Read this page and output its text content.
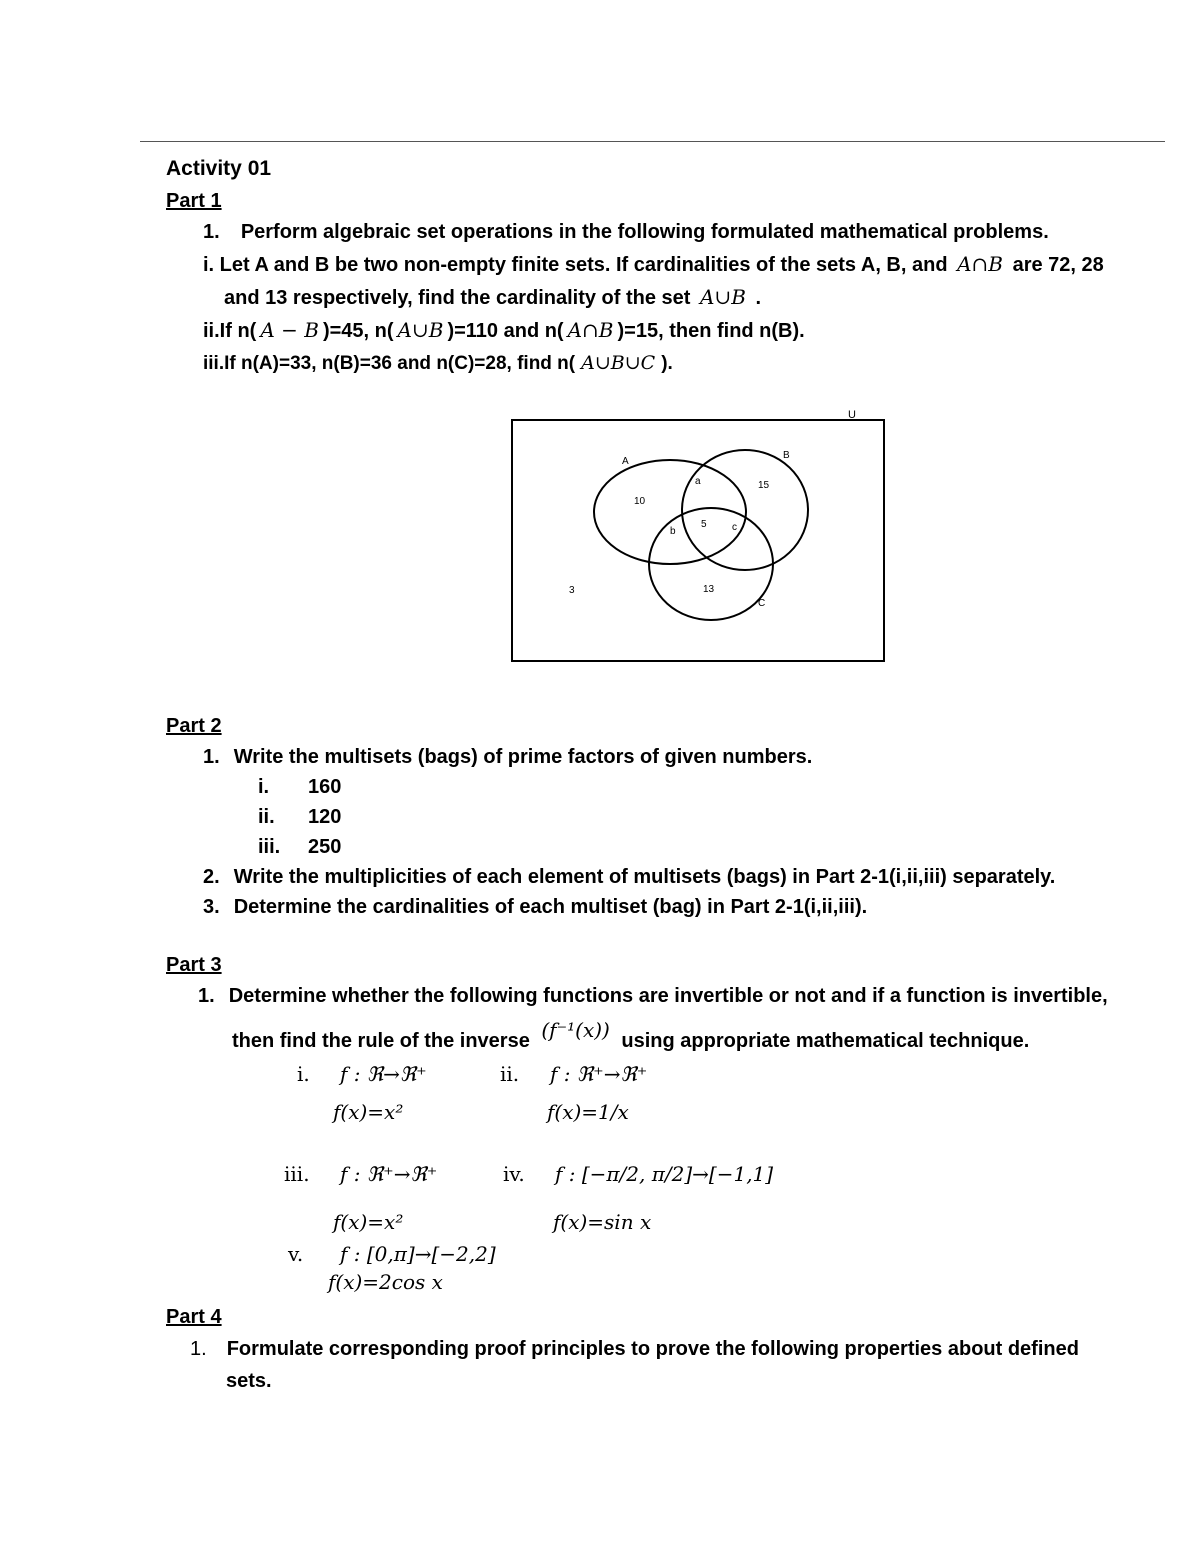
Activity 01
Part 1
1. Perform algebraic set operations in the following formulated mathematical problems.
i. Let A and B be two non-empty finite sets. If cardinalities of the sets A, B, and A∩B are 72, 28
and 13 respectively, find the cardinality of the set A∪B .
ii.If n( A − B )=45, n( A∪B )=110 and n( A∩B )=15, then find n(B).
iii.If n(A)=33, n(B)=36 and n(C)=28, find n( A∪B∪C ).
U
A
B
C
10
a	15
b
5	c
13
3
Part 2
1. Write the multisets (bags) of prime factors of given numbers.
i. 160
ii. 120
iii. 250
2. Write the multiplicities of each element of multisets (bags) in Part 2-1(i,ii,iii) separately.
3. Determine the cardinalities of each multiset (bag) in Part 2-1(i,ii,iii).
Part 3
1. Determine whether the following functions are invertible or not and if a function is invertible,
then find the rule of the inverse (f⁻¹(x)) using appropriate mathematical technique.
i. f : ℜ→ℜ⁺
f(x)=x²
ii. f : ℜ⁺→ℜ⁺
f(x)=1/x
iii. f : ℜ⁺→ℜ⁺
f(x)=x²
iv. f : [−π/2, π/2]→[−1,1]
f(x)=sin x
v. f : [0,π]→[−2,2]
f(x)=2cos x
Part 4
1. Formulate corresponding proof principles to prove the following properties about defined
sets.
